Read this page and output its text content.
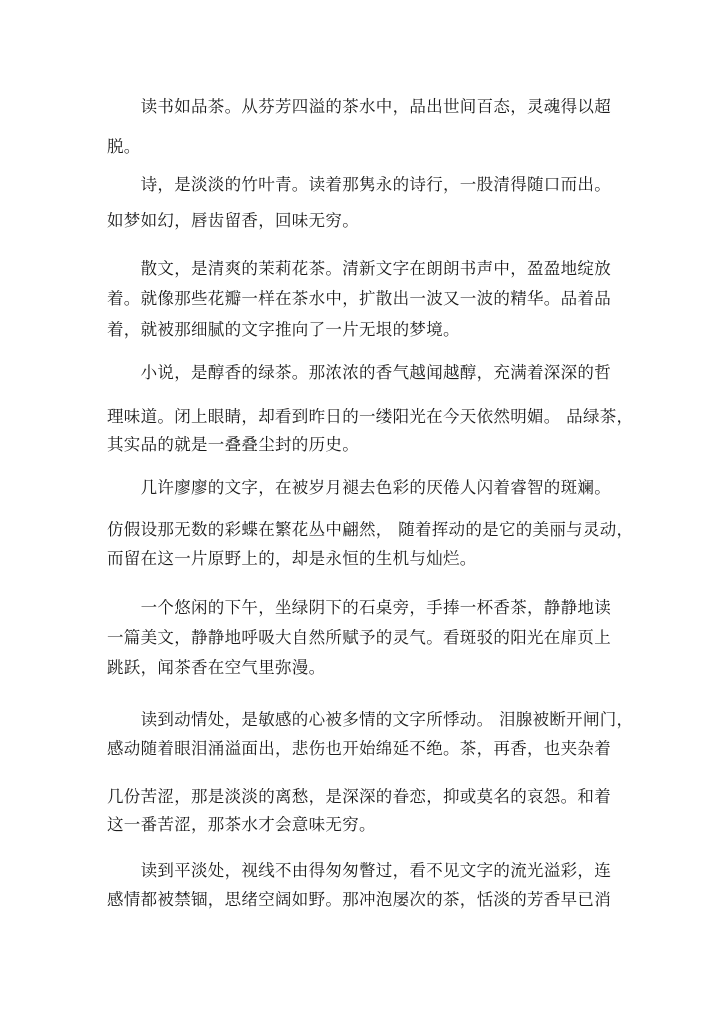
　　读书如品茶。从芬芳四溢的茶水中，品出世间百态，灵魂得以超
脱。
　　诗，是淡淡的竹叶青。读着那隽永的诗行，一股清得随口而出。
如梦如幻，唇齿留香，回味无穷。
　　散文，是清爽的茉莉花茶。清新文字在朗朗书声中，盈盈地绽放
着。就像那些花瓣一样在茶水中，扩散出一波又一波的精华。品着品
着，就被那细腻的文字推向了一片无垠的梦境。
　　小说，是醇香的绿茶。那浓浓的香气越闻越醇，充满着深深的哲
理味道。闭上眼睛，却看到昨日的一缕阳光在今天依然明媚。 品绿茶，
其实品的就是一叠叠尘封的历史。
　　几许廖廖的文字，在被岁月褪去色彩的厌倦人闪着睿智的斑斓。
仿假设那无数的彩蝶在繁花丛中翩然， 随着挥动的是它的美丽与灵动，
而留在这一片原野上的，却是永恒的生机与灿烂。
　　一个悠闲的下午，坐绿阴下的石桌旁，手捧一杯香茶，静静地读
一篇美文，静静地呼吸大自然所赋予的灵气。看斑驳的阳光在扉页上
跳跃，闻茶香在空气里弥漫。
　　读到动情处，是敏感的心被多情的文字所悸动。 泪腺被断开闸门，
感动随着眼泪涌溢面出，悲伤也开始绵延不绝。茶，再香，也夹杂着
几份苦涩，那是淡淡的离愁，是深深的眷恋，抑或莫名的哀怨。和着
这一番苦涩，那茶水才会意味无穷。
　　读到平淡处，视线不由得匆匆瞥过，看不见文字的流光溢彩，连
感情都被禁锢，思绪空阔如野。那冲泡屡次的茶，恬淡的芳香早已消
